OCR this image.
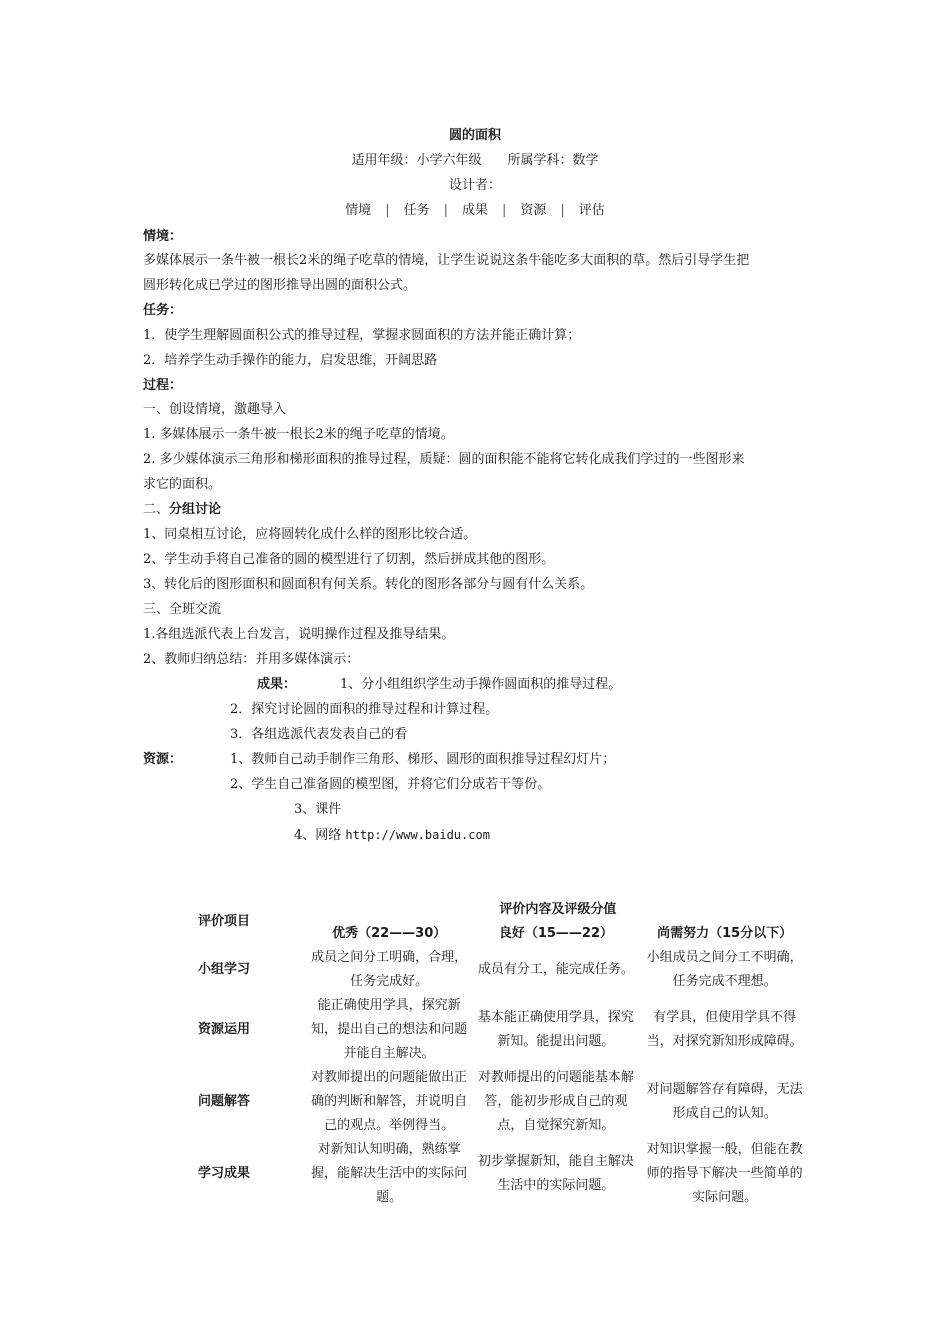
圆的面积
适用年级：小学六年级　　所属学科：数学
设计者：
情境 | 任务 | 成果 | 资源 | 评估
情境：
多媒体展示一条牛被一根长2米的绳子吃草的情境，让学生说说这条牛能吃多大面积的草。然后引导学生把
圆形转化成已学过的图形推导出圆的面积公式。
任务：
1．使学生理解圆面积公式的推导过程，掌握求圆面积的方法并能正确计算；
2．培养学生动手操作的能力，启发思维，开阔思路
过程：
一、创设情境，激趣导入
1. 多媒体展示一条牛被一根长2米的绳子吃草的情境。
2. 多少媒体演示三角形和梯形面积的推导过程，质疑：圆的面积能不能将它转化成我们学过的一些图形来
求它的面积。
二、分组讨论
1、同桌相互讨论，应将圆转化成什么样的图形比较合适。
2、学生动手将自己准备的圆的模型进行了切割，然后拼成其他的图形。
3、转化后的图形面积和圆面积有何关系。转化的图形各部分与圆有什么关系。
三、全班交流
1.各组选派代表上台发言，说明操作过程及推导结果。
2、教师归纳总结：并用多媒体演示：
成果：	1、分小组组织学生动手操作圆面积的推导过程。
2．探究讨论圆的面积的推导过程和计算过程。
3．各组选派代表发表自己的看
资源：	1、教师自己动手制作三角形、梯形、圆形的面积推导过程幻灯片；
2、学生自己准备圆的模型图，并将它们分成若干等份。
3、课件
4、网络 http://www.baidu.com
评价项目	评价内容及评级分值		
	优秀（22——30）	良好（15——22）	尚需努力（15分以下）
小组学习	成员之间分工明确，合理，任务完成好。	成员有分工，能完成任务。	小组成员之间分工不明确，任务完成不理想。
资源运用	能正确使用学具，探究新知，提出自己的想法和问题并能自主解决。	基本能正确使用学具，探究新知。能提出问题。	有学具，但使用学具不得当，对探究新知形成障碍。
问题解答	对教师提出的问题能做出正确的判断和解答，并说明自己的观点。举例得当。	对教师提出的问题能基本解答，能初步形成自己的观点，自觉探究新知。	对问题解答存有障碍，无法形成自己的认知。
学习成果	对新知认知明确，熟练掌握，能解决生活中的实际问题。	初步掌握新知，能自主解决生活中的实际问题。	对知识掌握一般，但能在教师的指导下解决一些简单的实际问题。
